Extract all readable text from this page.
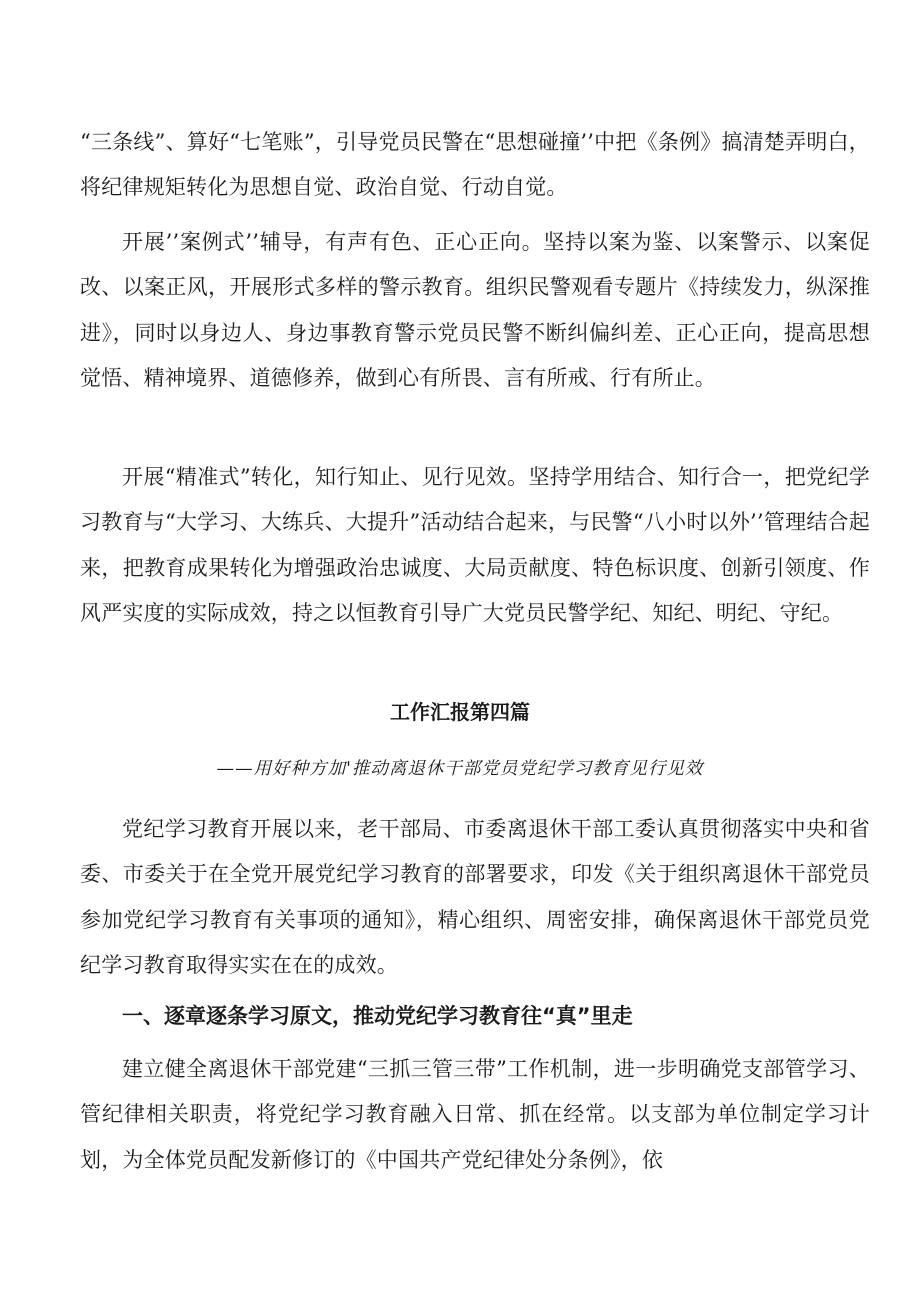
“三条线”、算好“七笔账”，引导党员民警在“思想碰撞’’中把《条例》搞清楚弄明白，将纪律规矩转化为思想自觉、政治自觉、行动自觉。

开展’’案例式’’辅导，有声有色、正心正向。坚持以案为鉴、以案警示、以案促改、以案正风，开展形式多样的警示教育。组织民警观看专题片《持续发力，纵深推进》，同时以身边人、身边事教育警示党员民警不断纠偏纠差、正心正向，提高思想觉悟、精神境界、道德修养，做到心有所畏、言有所戒、行有所止。

开展“精准式”转化，知行知止、见行见效。坚持学用结合、知行合一，把党纪学习教育与“大学习、大练兵、大提升”活动结合起来，与民警“八小时以外’’管理结合起来，把教育成果转化为增强政治忠诚度、大局贡献度、特色标识度、创新引领度、作风严实度的实际成效，持之以恒教育引导广大党员民警学纪、知纪、明纪、守纪。

工作汇报第四篇

——用好种方加'推动离退休干部党员党纪学习教育见行见效

党纪学习教育开展以来，老干部局、市委离退休干部工委认真贯彻落实中央和省委、市委关于在全党开展党纪学习教育的部署要求，印发《关于组织离退休干部党员参加党纪学习教育有关事项的通知》，精心组织、周密安排，确保离退休干部党员党纪学习教育取得实实在在的成效。

一、逐章逐条学习原文，推动党纪学习教育往“真”里走

建立健全离退休干部党建“三抓三管三带”工作机制，进一步明确党支部管学习、管纪律相关职责，将党纪学习教育融入日常、抓在经常。以支部为单位制定学习计划，为全体党员配发新修订的《中国共产党纪律处分条例》，依
